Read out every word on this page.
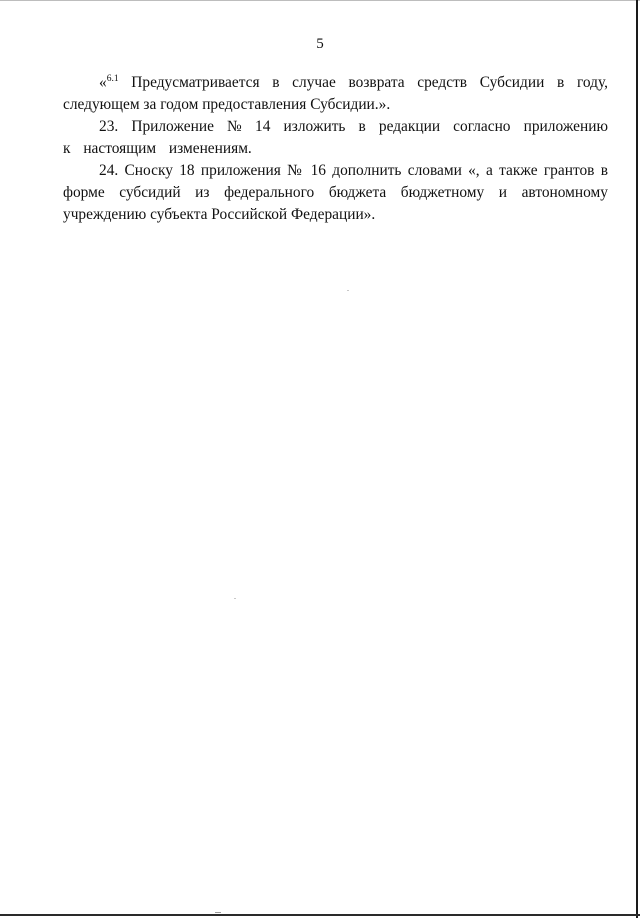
5

«$^{6.1}$ Предусматривается в случае возврата средств Субсидии в году, следующем за годом предоставления Субсидии.».

23. Приложение № 14 изложить в редакции согласно приложению к настоящим изменениям.

24. Сноску 18 приложения № 16 дополнить словами «, а также грантов в форме субсидий из федерального бюджета бюджетному и автономному учреждению субъекта Российской Федерации».
